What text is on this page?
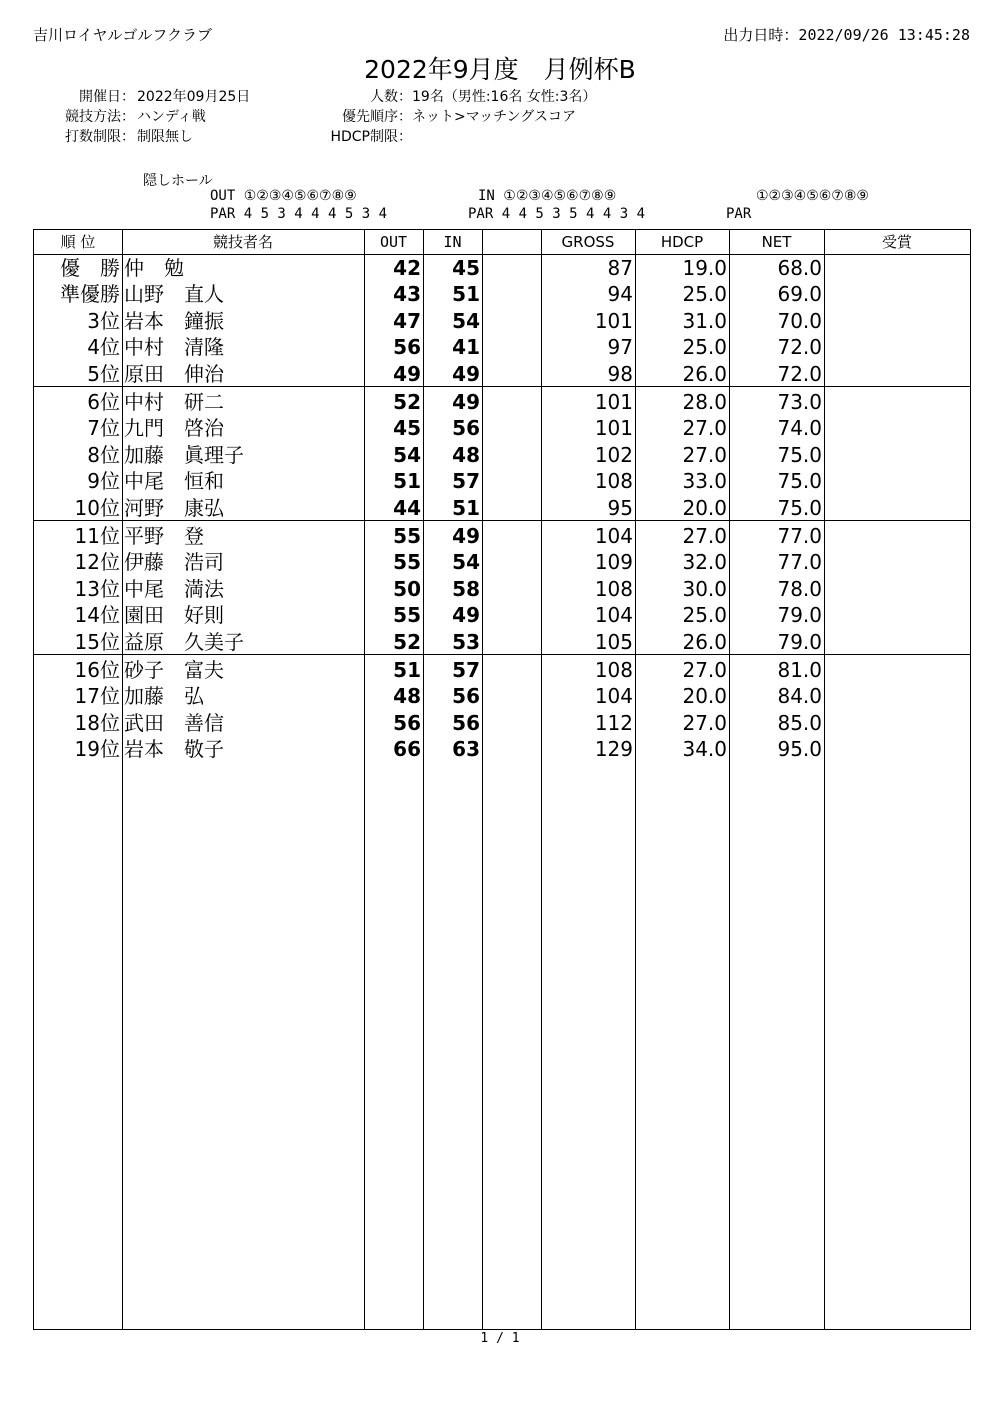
吉川ロイヤルゴルフクラブ	出力日時：2022/09/26 13:45:28
2022年9月度　月例杯B
開催日： 2022年09月25日
競技方法： ハンディ戦
打数制限： 制限無し
人数： 19名（男性:16名 女性:3名）
優先順序： ネット>マッチングスコア
HDCP制限：
隠しホール
OUT ①②③④⑤⑥⑦⑧⑨
PAR 4 5 3 4 4 4 5 3 4
IN ①②③④⑤⑥⑦⑧⑨
PAR 4 4 5 3 5 4 4 3 4
①②③④⑤⑥⑦⑧⑨
PAR
順 位	競技者名	OUT	IN	GROSS	HDCP	NET	受賞
優　勝 仲　勉	42	45	87	19.0	68.0
準優勝 山野　直人	43	51	94	25.0	69.0
3位 岩本　鐘振	47	54	101	31.0	70.0
4位 中村　清隆	56	41	97	25.0	72.0
5位 原田　伸治	49	49	98	26.0	72.0
6位 中村　研二	52	49	101	28.0	73.0
7位 九門　啓治	45	56	101	27.0	74.0
8位 加藤　眞理子	54	48	102	27.0	75.0
9位 中尾　恒和	51	57	108	33.0	75.0
10位 河野　康弘	44	51	95	20.0	75.0
11位 平野　登	55	49	104	27.0	77.0
12位 伊藤　浩司	55	54	109	32.0	77.0
13位 中尾　満法	50	58	108	30.0	78.0
14位 園田　好則	55	49	104	25.0	79.0
15位 益原　久美子	52	53	105	26.0	79.0
16位 砂子　富夫	51	57	108	27.0	81.0
17位 加藤　弘	48	56	104	20.0	84.0
18位 武田　善信	56	56	112	27.0	85.0
19位 岩本　敬子	66	63	129	34.0	95.0
1 / 1
